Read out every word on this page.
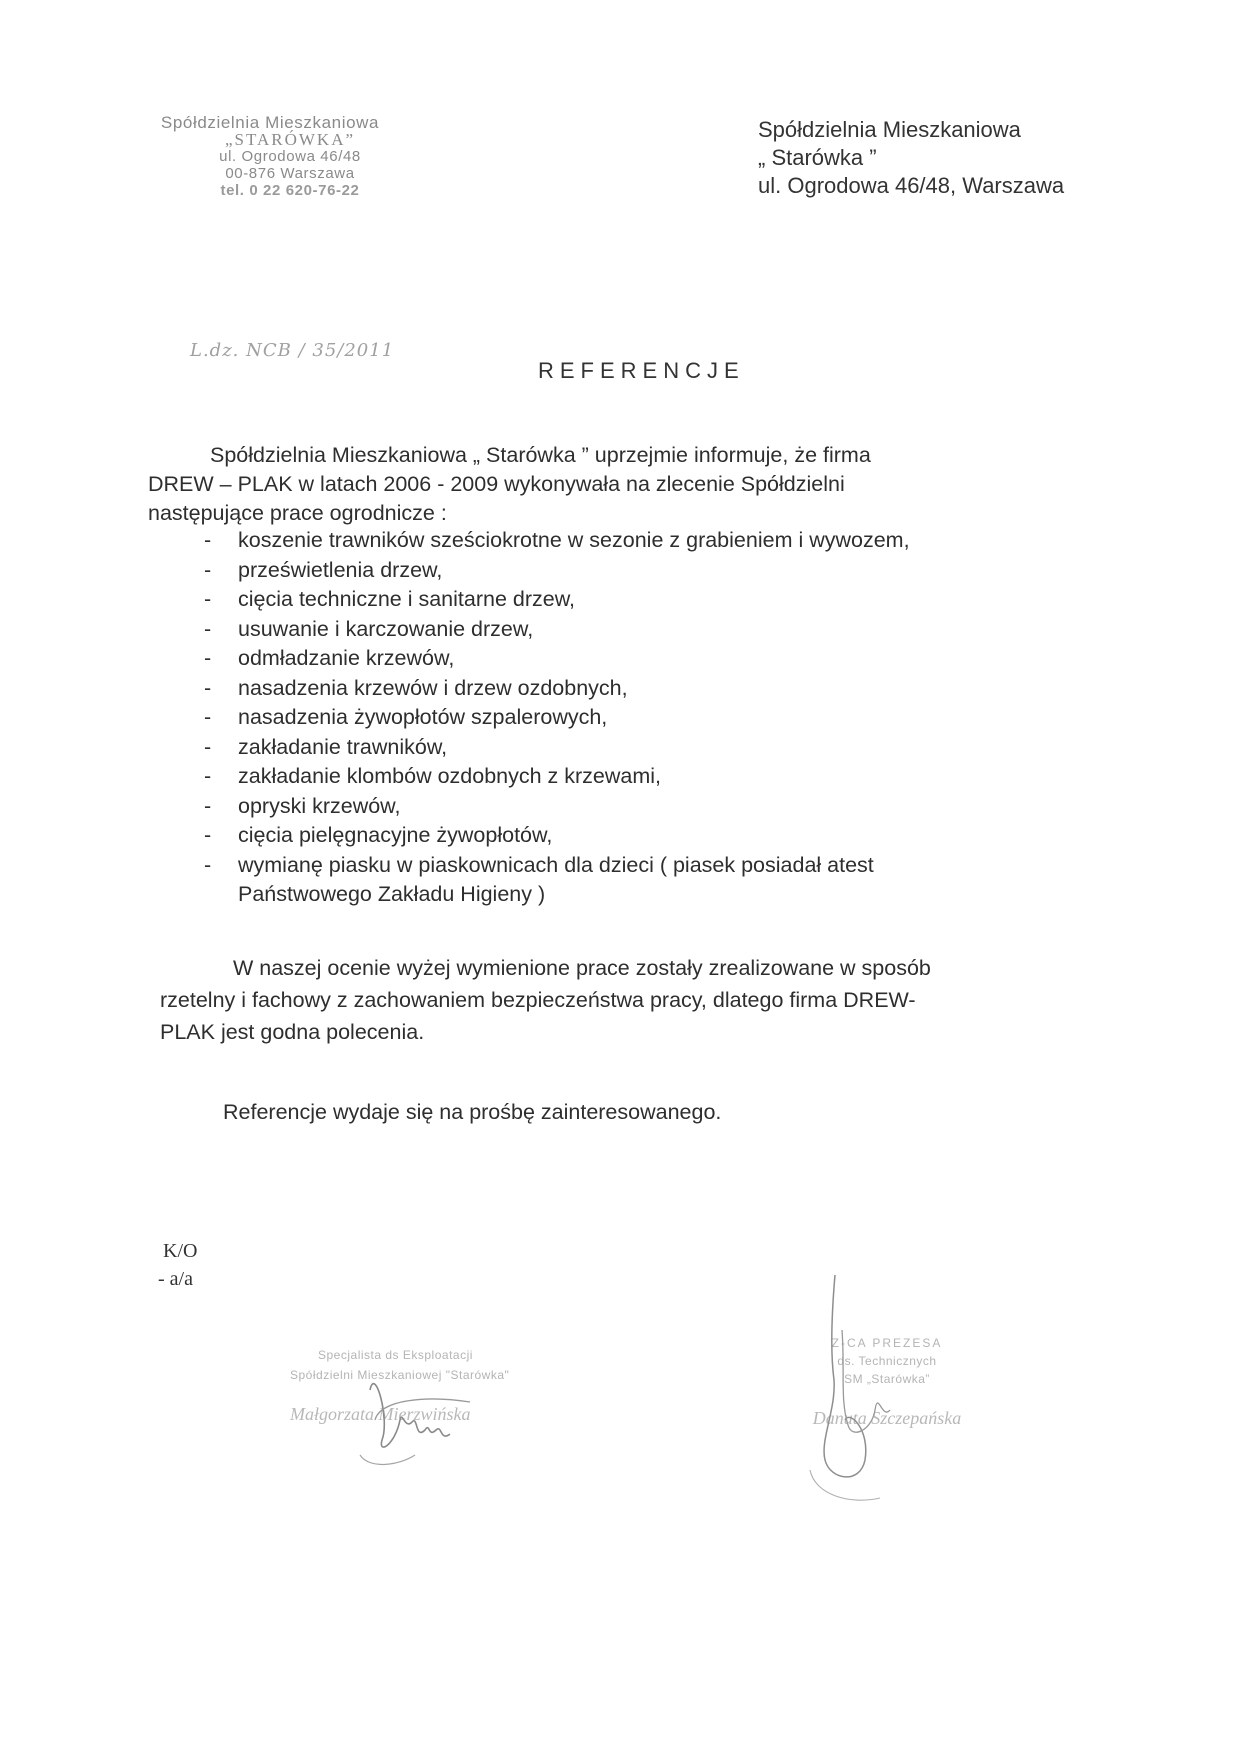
Spółdzielnia Mieszkaniowa
„STARÓWKA”
ul. Ogrodowa 46/48
00-876 Warszawa
tel. 0 22 620-76-22
Spółdzielnia Mieszkaniowa
„ Starówka ”
ul. Ogrodowa 46/48, Warszawa
L.dz. NCB / 35/2011
REFERENCJE
Spółdzielnia Mieszkaniowa „ Starówka ” uprzejmie informuje, że firma
DREW – PLAK w latach 2006 - 2009 wykonywała na zlecenie Spółdzielni
następujące prace ogrodnicze :
- koszenie trawników sześciokrotne w sezonie z grabieniem i wywozem,
- prześwietlenia drzew,
- cięcia techniczne i sanitarne drzew,
- usuwanie i karczowanie drzew,
- odmładzanie krzewów,
- nasadzenia krzewów i drzew ozdobnych,
- nasadzenia żywopłotów szpalerowych,
- zakładanie trawników,
- zakładanie klombów ozdobnych z krzewami,
- opryski krzewów,
- cięcia pielęgnacyjne żywopłotów,
- wymianę piasku w piaskownicach dla dzieci ( piasek posiadał atest
Państwowego Zakładu Higieny )
W naszej ocenie wyżej wymienione prace zostały zrealizowane w sposób
rzetelny i fachowy z zachowaniem bezpieczeństwa pracy, dlatego firma DREW-
PLAK jest godna polecenia.
Referencje wydaje się na prośbę zainteresowanego.
K/O
- a/a
Specjalista ds Eksploatacji
Spółdzielni Mieszkaniowej "Starówka"
Małgorzata Mierzwińska
Z-CA PREZESA
ds. Technicznych
SM „Starówka”
Danuta Szczepańska
